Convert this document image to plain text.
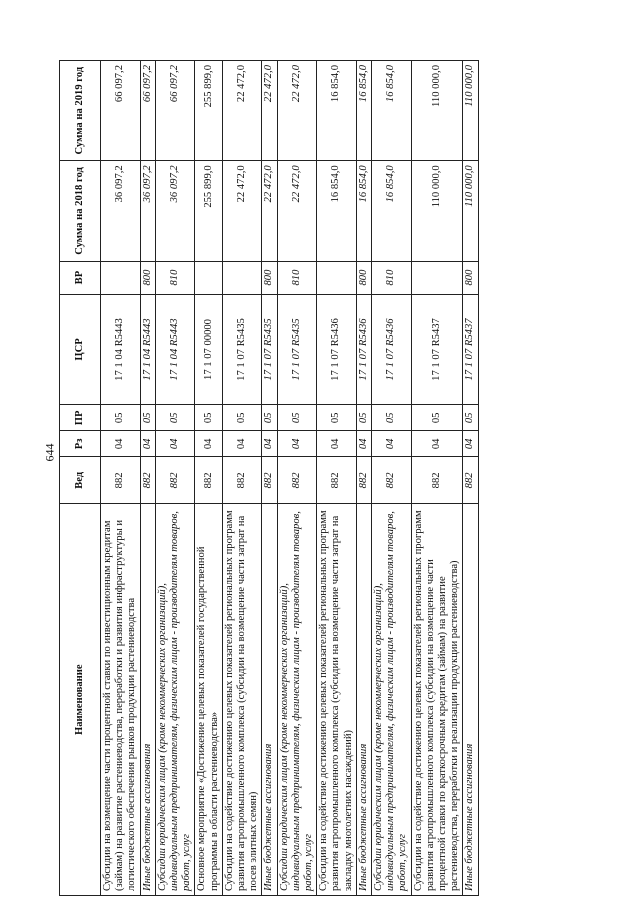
644
Наименование	Вед	Рз	ПР	ЦСР	ВР	Сумма на 2018 год	Сумма на 2019 год
Субсидии на возмещение части процентной ставки по инвестиционным кредитам (займам) на развитие растениеводства, переработки и развития инфраструктуры и логистического обеспечения рынков продукции растениеводства	882	04	05	17 1 04 R5443		36 097,2	66 097,2
Иные бюджетные ассигнования	882	04	05	17 1 04 R5443	800	36 097,2	66 097,2
Субсидии юридическим лицам (кроме некоммерческих организаций), индивидуальным предпринимателям, физическим лицам - производителям товаров, работ, услуг	882	04	05	17 1 04 R5443	810	36 097,2	66 097,2
Основное мероприятие «Достижение целевых показателей государственной программы в области растениеводства»	882	04	05	17 1 07 00000		255 899,0	255 899,0
Субсидии на содействие достижению целевых показателей региональных программ развития агропромышленного комплекса (субсидии на возмещение части затрат на посев элитных семян)	882	04	05	17 1 07 R5435		22 472,0	22 472,0
Иные бюджетные ассигнования	882	04	05	17 1 07 R5435	800	22 472,0	22 472,0
Субсидии юридическим лицам (кроме некоммерческих организаций), индивидуальным предпринимателям, физическим лицам - производителям товаров, работ, услуг	882	04	05	17 1 07 R5435	810	22 472,0	22 472,0
Субсидии на содействие достижению целевых показателей региональных программ развития агропромышленного комплекса (субсидии на возмещение части затрат на закладку многолетних насаждений)	882	04	05	17 1 07 R5436		16 854,0	16 854,0
Иные бюджетные ассигнования	882	04	05	17 1 07 R5436	800	16 854,0	16 854,0
Субсидии юридическим лицам (кроме некоммерческих организаций), индивидуальным предпринимателям, физическим лицам - производителям товаров, работ, услуг	882	04	05	17 1 07 R5436	810	16 854,0	16 854,0
Субсидии на содействие достижению целевых показателей региональных программ развития агропромышленного комплекса (субсидии на возмещение части процентной ставки по краткосрочным кредитам (займам) на развитие растениеводства, переработки и реализации продукции растениеводства)	882	04	05	17 1 07 R5437		110 000,0	110 000,0
Иные бюджетные ассигнования	882	04	05	17 1 07 R5437	800	110 000,0	110 000,0
